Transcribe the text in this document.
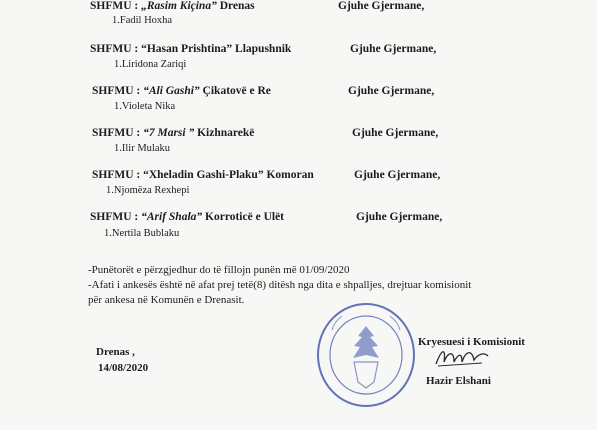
SHFMU : „Rasim Kiçina” Drenas	Gjuhe Gjermane,
1.Fadil Hoxha
SHFMU : “Hasan Prishtina” Llapushnik	Gjuhe Gjermane,
1.Liridona Zariqi
SHFMU : “Ali Gashi” Çikatovë e Re	Gjuhe Gjermane,
1.Violeta Nika
SHFMU : “7 Marsi ” Kizhnarekë	Gjuhe Gjermane,
1.Ilir Mulaku
SHFMU : “Xheladin Gashi-Plaku” Komoran	Gjuhe Gjermane,
1.Njomëza Rexhepi
SHFMU : “Arif Shala” Korroticë e Ulët	Gjuhe Gjermane,
1.Nertila Bublaku
-Punëtorët e përzgjedhur do të fillojn punën më 01/09/2020
-Afati i ankesës është në afat prej tetë(8) ditësh nga dita e shpalljes, drejtuar komisionit
për ankesa në Komunën e Drenasit.
Drenas ,
14/08/2020
Kryesuesi i Komisionit
Hazir Elshani
